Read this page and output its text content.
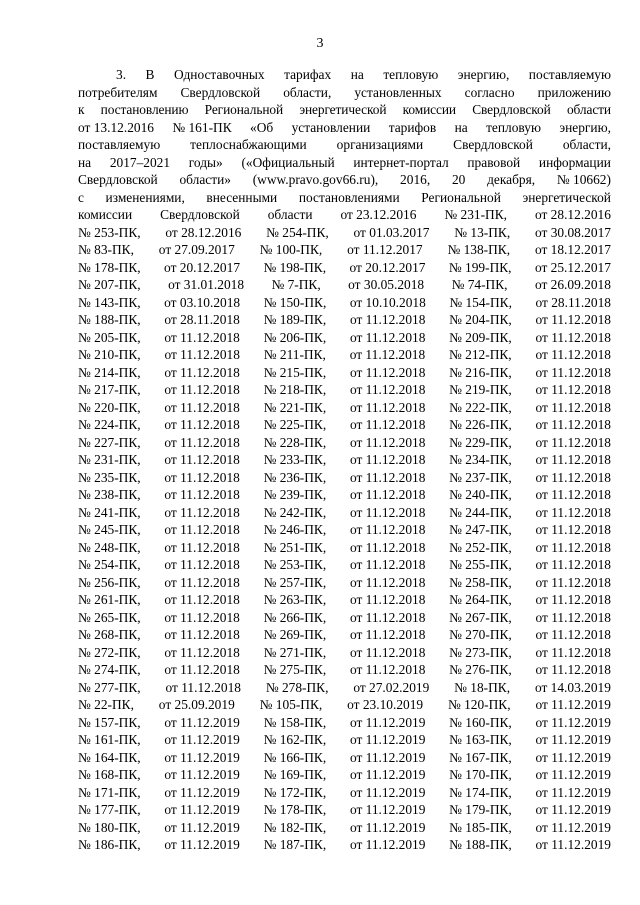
3
3. В Одноставочных тарифах на тепловую энергию, поставляемую
потребителям Свердловской области, установленных согласно приложению
к постановлению Региональной энергетической комиссии Свердловской области
от 13.12.2016 № 161-ПК «Об установлении тарифов на тепловую энергию,
поставляемую теплоснабжающими организациями Свердловской области,
на 2017–2021 годы» («Официальный интернет-портал правовой информации
Свердловской области» (www.pravo.gov66.ru), 2016, 20 декабря, № 10662)
с изменениями, внесенными постановлениями Региональной энергетической
комиссии Свердловской области от 23.12.2016 № 231-ПК, от 28.12.2016
№ 253-ПК, от 28.12.2016 № 254-ПК, от 01.03.2017 № 13-ПК, от 30.08.2017
№ 83-ПК, от 27.09.2017 № 100-ПК, от 11.12.2017 № 138-ПК, от 18.12.2017
№ 178-ПК, от 20.12.2017 № 198-ПК, от 20.12.2017 № 199-ПК, от 25.12.2017
№ 207-ПК, от 31.01.2018 № 7-ПК, от 30.05.2018 № 74-ПК, от 26.09.2018
№ 143-ПК, от 03.10.2018 № 150-ПК, от 10.10.2018 № 154-ПК, от 28.11.2018
№ 188-ПК, от 28.11.2018 № 189-ПК, от 11.12.2018 № 204-ПК, от 11.12.2018
№ 205-ПК, от 11.12.2018 № 206-ПК, от 11.12.2018 № 209-ПК, от 11.12.2018
№ 210-ПК, от 11.12.2018 № 211-ПК, от 11.12.2018 № 212-ПК, от 11.12.2018
№ 214-ПК, от 11.12.2018 № 215-ПК, от 11.12.2018 № 216-ПК, от 11.12.2018
№ 217-ПК, от 11.12.2018 № 218-ПК, от 11.12.2018 № 219-ПК, от 11.12.2018
№ 220-ПК, от 11.12.2018 № 221-ПК, от 11.12.2018 № 222-ПК, от 11.12.2018
№ 224-ПК, от 11.12.2018 № 225-ПК, от 11.12.2018 № 226-ПК, от 11.12.2018
№ 227-ПК, от 11.12.2018 № 228-ПК, от 11.12.2018 № 229-ПК, от 11.12.2018
№ 231-ПК, от 11.12.2018 № 233-ПК, от 11.12.2018 № 234-ПК, от 11.12.2018
№ 235-ПК, от 11.12.2018 № 236-ПК, от 11.12.2018 № 237-ПК, от 11.12.2018
№ 238-ПК, от 11.12.2018 № 239-ПК, от 11.12.2018 № 240-ПК, от 11.12.2018
№ 241-ПК, от 11.12.2018 № 242-ПК, от 11.12.2018 № 244-ПК, от 11.12.2018
№ 245-ПК, от 11.12.2018 № 246-ПК, от 11.12.2018 № 247-ПК, от 11.12.2018
№ 248-ПК, от 11.12.2018 № 251-ПК, от 11.12.2018 № 252-ПК, от 11.12.2018
№ 254-ПК, от 11.12.2018 № 253-ПК, от 11.12.2018 № 255-ПК, от 11.12.2018
№ 256-ПК, от 11.12.2018 № 257-ПК, от 11.12.2018 № 258-ПК, от 11.12.2018
№ 261-ПК, от 11.12.2018 № 263-ПК, от 11.12.2018 № 264-ПК, от 11.12.2018
№ 265-ПК, от 11.12.2018 № 266-ПК, от 11.12.2018 № 267-ПК, от 11.12.2018
№ 268-ПК, от 11.12.2018 № 269-ПК, от 11.12.2018 № 270-ПК, от 11.12.2018
№ 272-ПК, от 11.12.2018 № 271-ПК, от 11.12.2018 № 273-ПК, от 11.12.2018
№ 274-ПК, от 11.12.2018 № 275-ПК, от 11.12.2018 № 276-ПК, от 11.12.2018
№ 277-ПК, от 11.12.2018 № 278-ПК, от 27.02.2019 № 18-ПК, от 14.03.2019
№ 22-ПК, от 25.09.2019 № 105-ПК, от 23.10.2019 № 120-ПК, от 11.12.2019
№ 157-ПК, от 11.12.2019 № 158-ПК, от 11.12.2019 № 160-ПК, от 11.12.2019
№ 161-ПК, от 11.12.2019 № 162-ПК, от 11.12.2019 № 163-ПК, от 11.12.2019
№ 164-ПК, от 11.12.2019 № 166-ПК, от 11.12.2019 № 167-ПК, от 11.12.2019
№ 168-ПК, от 11.12.2019 № 169-ПК, от 11.12.2019 № 170-ПК, от 11.12.2019
№ 171-ПК, от 11.12.2019 № 172-ПК, от 11.12.2019 № 174-ПК, от 11.12.2019
№ 177-ПК, от 11.12.2019 № 178-ПК, от 11.12.2019 № 179-ПК, от 11.12.2019
№ 180-ПК, от 11.12.2019 № 182-ПК, от 11.12.2019 № 185-ПК, от 11.12.2019
№ 186-ПК, от 11.12.2019 № 187-ПК, от 11.12.2019 № 188-ПК, от 11.12.2019
